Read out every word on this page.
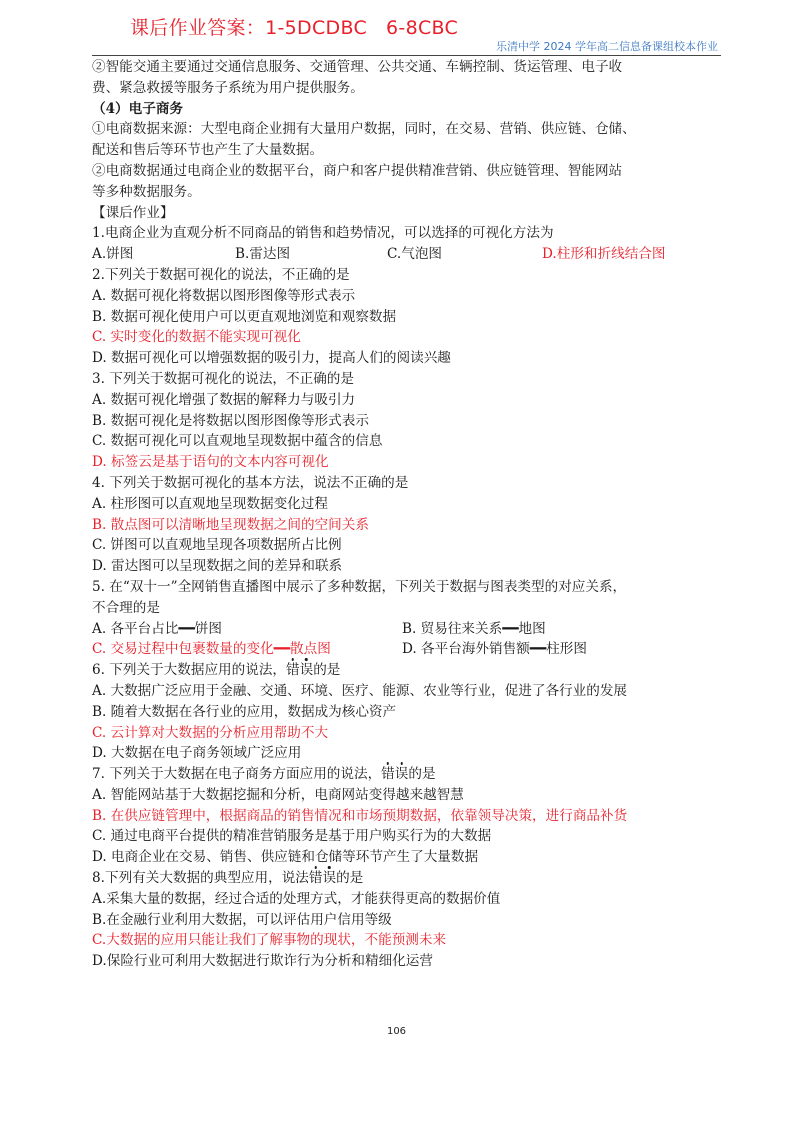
课后作业答案：1-5DCDBC   6-8CBC
乐清中学 2024 学年高二信息备课组校本作业
②智能交通主要通过交通信息服务、交通管理、公共交通、车辆控制、货运管理、电子收
费、紧急救援等服务子系统为用户提供服务。
（4）电子商务
①电商数据来源：大型电商企业拥有大量用户数据，同时，在交易、营销、供应链、仓储、
配送和售后等环节也产生了大量数据。
②电商数据通过电商企业的数据平台，商户和客户提供精准营销、供应链管理、智能网站
等多种数据服务。
【课后作业】
1.电商企业为直观分析不同商品的销售和趋势情况，可以选择的可视化方法为
A.饼图	B.雷达图	C.气泡图	D.柱形和折线结合图
2.下列关于数据可视化的说法，不正确的是
A. 数据可视化将数据以图形图像等形式表示
B. 数据可视化使用户可以更直观地浏览和观察数据
C. 实时变化的数据不能实现可视化
D. 数据可视化可以增强数据的吸引力，提高人们的阅读兴趣
3. 下列关于数据可视化的说法，不正确的是
A. 数据可视化增强了数据的解释力与吸引力
B. 数据可视化是将数据以图形图像等形式表示
C. 数据可视化可以直观地呈现数据中蕴含的信息
D. 标签云是基于语句的文本内容可视化
4. 下列关于数据可视化的基本方法，说法不正确的是
A. 柱形图可以直观地呈现数据变化过程
B. 散点图可以清晰地呈现数据之间的空间关系
C. 饼图可以直观地呈现各项数据所占比例
D. 雷达图可以呈现数据之间的差异和联系
5. 在“双十一”全网销售直播图中展示了多种数据，下列关于数据与图表类型的对应关系，
不合理的是
A. 各平台占比━━饼图	B. 贸易往来关系━━地图
C. 交易过程中包裹数量的变化━━散点图	D. 各平台海外销售额━━柱形图
6. 下列关于大数据应用的说法，错误的是
A. 大数据广泛应用于金融、交通、环境、医疗、能源、农业等行业，促进了各行业的发展
B. 随着大数据在各行业的应用，数据成为核心资产
C. 云计算对大数据的分析应用帮助不大
D. 大数据在电子商务领域广泛应用
7. 下列关于大数据在电子商务方面应用的说法，错误的是
A. 智能网站基于大数据挖掘和分析，电商网站变得越来越智慧
B. 在供应链管理中，根据商品的销售情况和市场预期数据，依靠领导决策，进行商品补货
C. 通过电商平台提供的精准营销服务是基于用户购买行为的大数据
D. 电商企业在交易、销售、供应链和仓储等环节产生了大量数据
8.下列有关大数据的典型应用，说法错误的是
A.采集大量的数据，经过合适的处理方式，才能获得更高的数据价值
B.在金融行业利用大数据，可以评估用户信用等级
C.大数据的应用只能让我们了解事物的现状，不能预测未来
D.保险行业可利用大数据进行欺诈行为分析和精细化运营
106
